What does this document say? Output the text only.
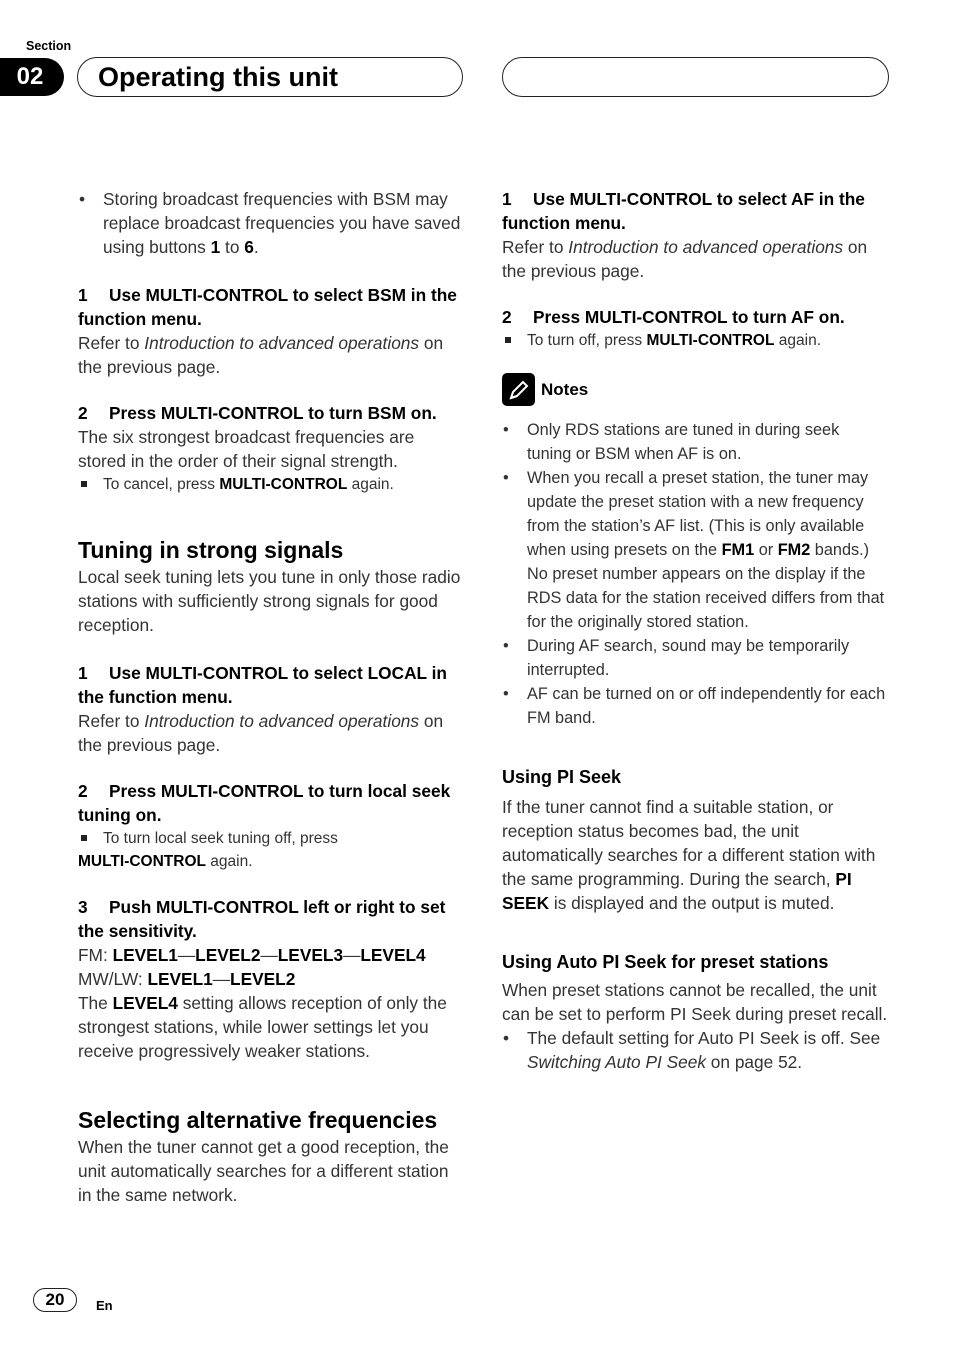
Section
02	Operating this unit

• Storing broadcast frequencies with BSM may replace broadcast frequencies you have saved using buttons 1 to 6.

1 Use MULTI-CONTROL to select BSM in the function menu.

Refer to Introduction to advanced operations on the previous page.

2 Press MULTI-CONTROL to turn BSM on.

The six strongest broadcast frequencies are stored in the order of their signal strength.

To cancel, press MULTI-CONTROL again.

Tuning in strong signals

Local seek tuning lets you tune in only those radio stations with sufficiently strong signals for good reception.

1 Use MULTI-CONTROL to select LOCAL in the function menu.

Refer to Introduction to advanced operations on the previous page.

2 Press MULTI-CONTROL to turn local seek tuning on.

To turn local seek tuning off, press

MULTI-CONTROL again.

3 Push MULTI-CONTROL left or right to set the sensitivity.

FM: LEVEL1—LEVEL2—LEVEL3—LEVEL4

MW/LW: LEVEL1—LEVEL2

The LEVEL4 setting allows reception of only the strongest stations, while lower settings let you receive progressively weaker stations.

Selecting alternative frequencies

When the tuner cannot get a good reception, the unit automatically searches for a different station in the same network.

1 Use MULTI-CONTROL to select AF in the function menu.

Refer to Introduction to advanced operations on the previous page.

2 Press MULTI-CONTROL to turn AF on.

To turn off, press MULTI-CONTROL again.

Notes

• Only RDS stations are tuned in during seek tuning or BSM when AF is on.

• When you recall a preset station, the tuner may update the preset station with a new frequency from the station’s AF list. (This is only available when using presets on the FM1 or FM2 bands.) No preset number appears on the display if the RDS data for the station received differs from that for the originally stored station.

• During AF search, sound may be temporarily interrupted.

• AF can be turned on or off independently for each FM band.

Using PI Seek

If the tuner cannot find a suitable station, or reception status becomes bad, the unit automatically searches for a different station with the same programming. During the search, PI SEEK is displayed and the output is muted.

Using Auto PI Seek for preset stations

When preset stations cannot be recalled, the unit can be set to perform PI Seek during preset recall.

• The default setting for Auto PI Seek is off. See Switching Auto PI Seek on page 52.

20	En
